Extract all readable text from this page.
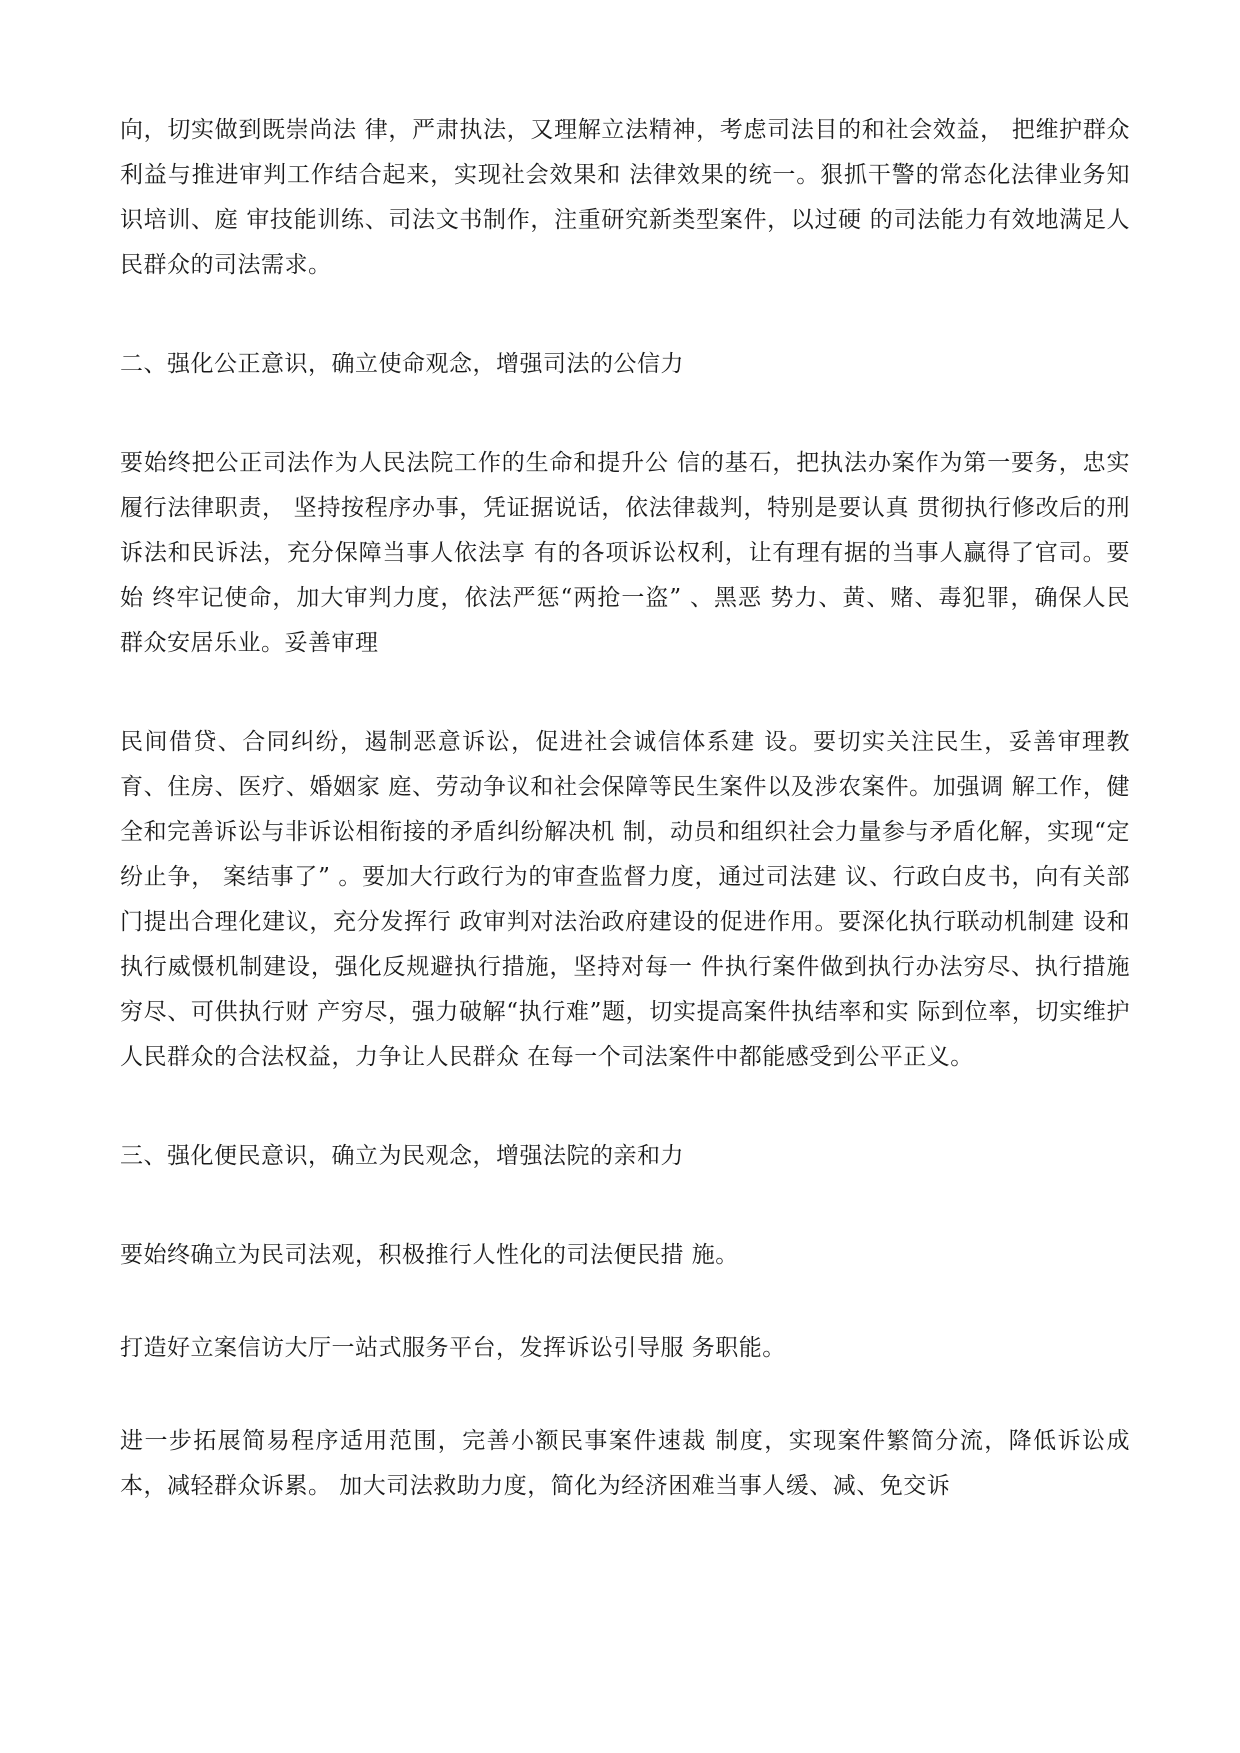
向，切实做到既崇尚法 律，严肃执法，又理解立法精神，考虑司法目的和社会效益， 把维护群众利益与推进审判工作结合起来，实现社会效果和 法律效果的统一。狠抓干警的常态化法律业务知识培训、庭 审技能训练、司法文书制作，注重研究新类型案件，以过硬 的司法能力有效地满足人民群众的司法需求。

二、强化公正意识，确立使命观念，增强司法的公信力

要始终把公正司法作为人民法院工作的生命和提升公 信的基石，把执法办案作为第一要务，忠实履行法律职责， 坚持按程序办事，凭证据说话，依法律裁判，特别是要认真 贯彻执行修改后的刑诉法和民诉法，充分保障当事人依法享 有的各项诉讼权利，让有理有据的当事人赢得了官司。要始 终牢记使命，加大审判力度，依法严惩“两抢一盗” 、黑恶 势力、黄、赌、毒犯罪，确保人民群众安居乐业。妥善审理

民间借贷、合同纠纷，遏制恶意诉讼，促进社会诚信体系建 设。要切实关注民生，妥善审理教育、住房、医疗、婚姻家 庭、劳动争议和社会保障等民生案件以及涉农案件。加强调 解工作，健全和完善诉讼与非诉讼相衔接的矛盾纠纷解决机 制，动员和组织社会力量参与矛盾化解，实现“定纷止争， 案结事了” 。要加大行政行为的审查监督力度，通过司法建 议、行政白皮书，向有关部门提出合理化建议，充分发挥行 政审判对法治政府建设的促进作用。要深化执行联动机制建 设和执行威慑机制建设，强化反规避执行措施，坚持对每一 件执行案件做到执行办法穷尽、执行措施穷尽、可供执行财 产穷尽，强力破解“执行难”题，切实提高案件执结率和实 际到位率，切实维护人民群众的合法权益，力争让人民群众 在每一个司法案件中都能感受到公平正义。

三、强化便民意识，确立为民观念，增强法院的亲和力

要始终确立为民司法观，积极推行人性化的司法便民措 施。

打造好立案信访大厅一站式服务平台，发挥诉讼引导服 务职能。

进一步拓展简易程序适用范围，完善小额民事案件速裁 制度，实现案件繁简分流，降低诉讼成本，减轻群众诉累。 加大司法救助力度，简化为经济困难当事人缓、减、免交诉
